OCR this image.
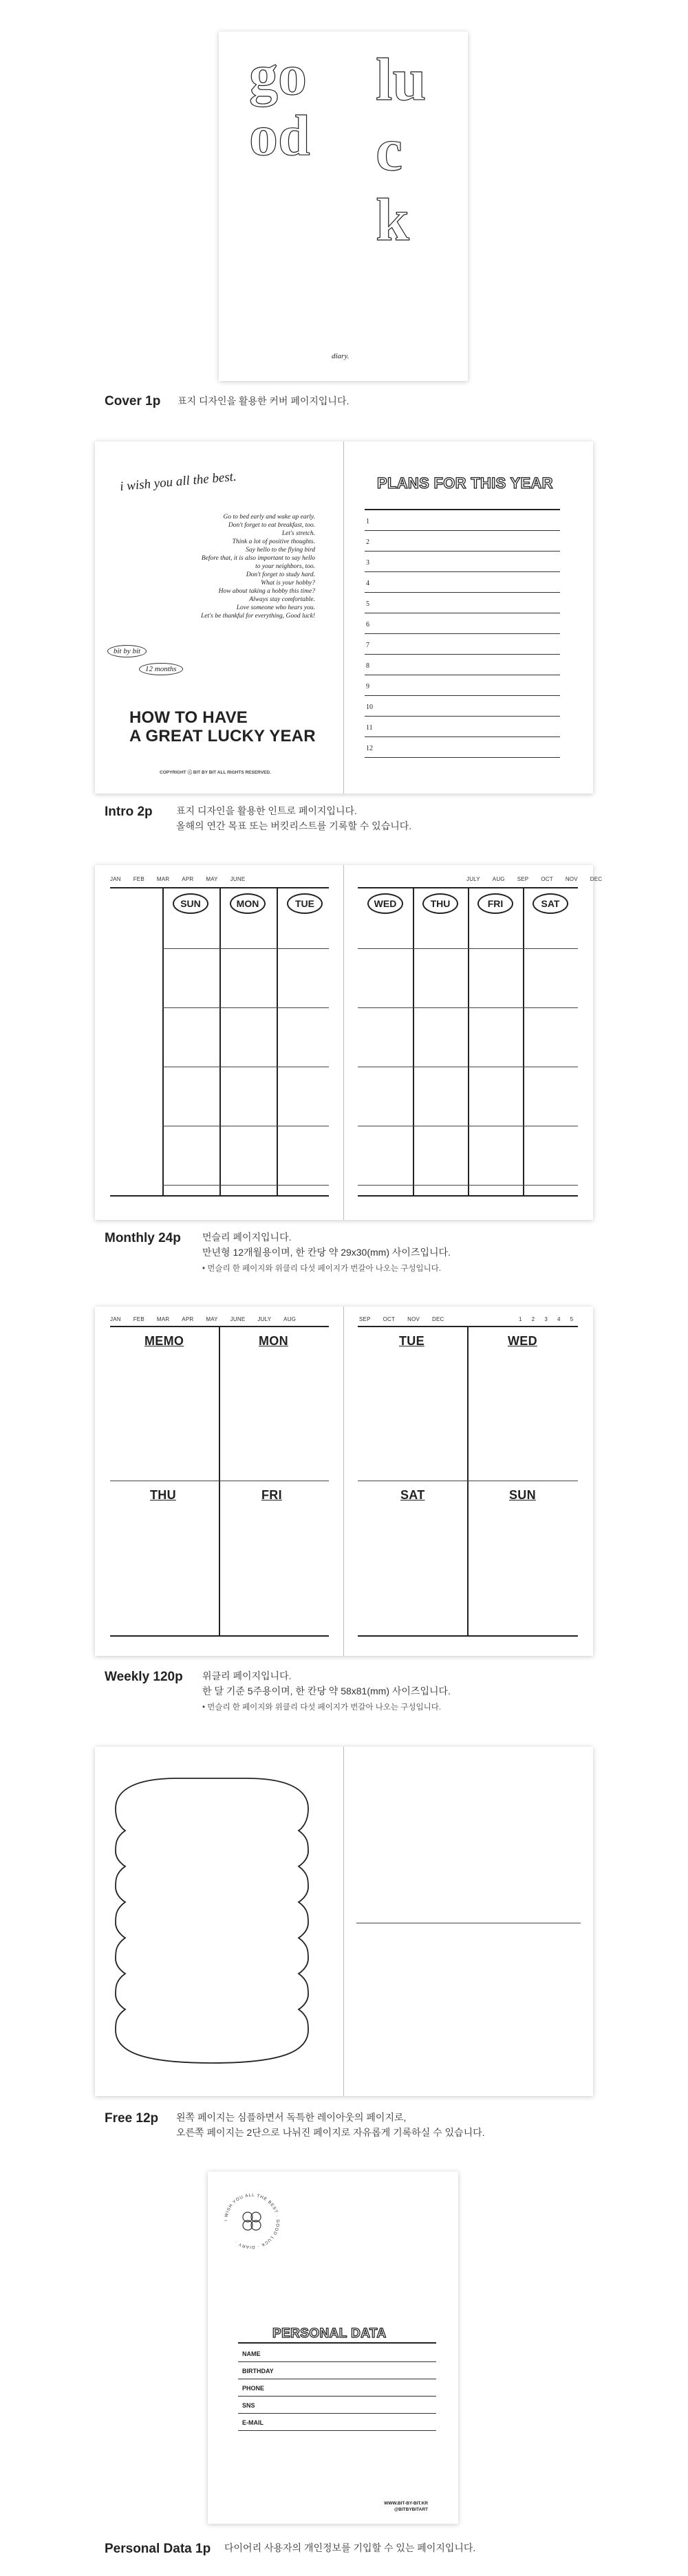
good
luck
diary.
Cover 1p 표지 디자인을 활용한 커버 페이지입니다.
i wish you all the best.
Go to bed early and wake up early.
Don't forget to eat breakfast, too.
Let's stretch.
Think a lot of positive thoughts.
Say hello to the flying bird
Before that, it is also important to say hello
to your neighbors, too.
Don't forget to study hard.
What is your hobby?
How about taking a hobby this time?
Always stay comfortable.
Love someone who hears you.
Let's be thankful for everything, Good luck!
bit by bit
12 months
HOW TO HAVE
A GREAT LUCKY YEAR
COPYRIGHT ⓒ BIT BY BIT ALL RIGHTS RESERVED.
PLANS FOR THIS YEAR
1
2
3
4
5
6
7
8
9
10
11
12
Intro 2p 표지 디자인을 활용한 인트로 페이지입니다.
올해의 연간 목표 또는 버킷리스트를 기록할 수 있습니다.
JAN FEB MAR APR MAY JUNE	JULY AUG SEP OCT NOV DEC
SUN	MON	TUE	WED	THU	FRI	SAT
Monthly 24p 먼슬리 페이지입니다.
만년형 12개월용이며, 한 칸당 약 29x30(mm) 사이즈입니다.
• 먼슬리 한 페이지와 위클리 다섯 페이지가 번갈아 나오는 구성입니다.
JAN FEB MAR APR MAY JUNE JULY AUG	SEP OCT NOV DEC	1 2 3 4 5
MEMO	MON
THU	FRI
TUE	WED
SAT	SUN
Weekly 120p 위클리 페이지입니다.
한 달 기준 5주용이며, 한 칸당 약 58x81(mm) 사이즈입니다.
• 먼슬리 한 페이지와 위클리 다섯 페이지가 번갈아 나오는 구성입니다.
Free 12p 왼쪽 페이지는 심플하면서 독특한 레이아웃의 페이지로,
오른쪽 페이지는 2단으로 나뉘진 페이지로 자유롭게 기록하실 수 있습니다.
I WISH YOU ALL THE BEST · GOOD LUCK · DIARY ·
PERSONAL DATA
NAME
BIRTHDAY
PHONE
SNS
E-MAIL
WWW.BIT-BY-BIT.KR
@BITBYBITART
Personal Data 1p 다이어리 사용자의 개인정보를 기입할 수 있는 페이지입니다.
